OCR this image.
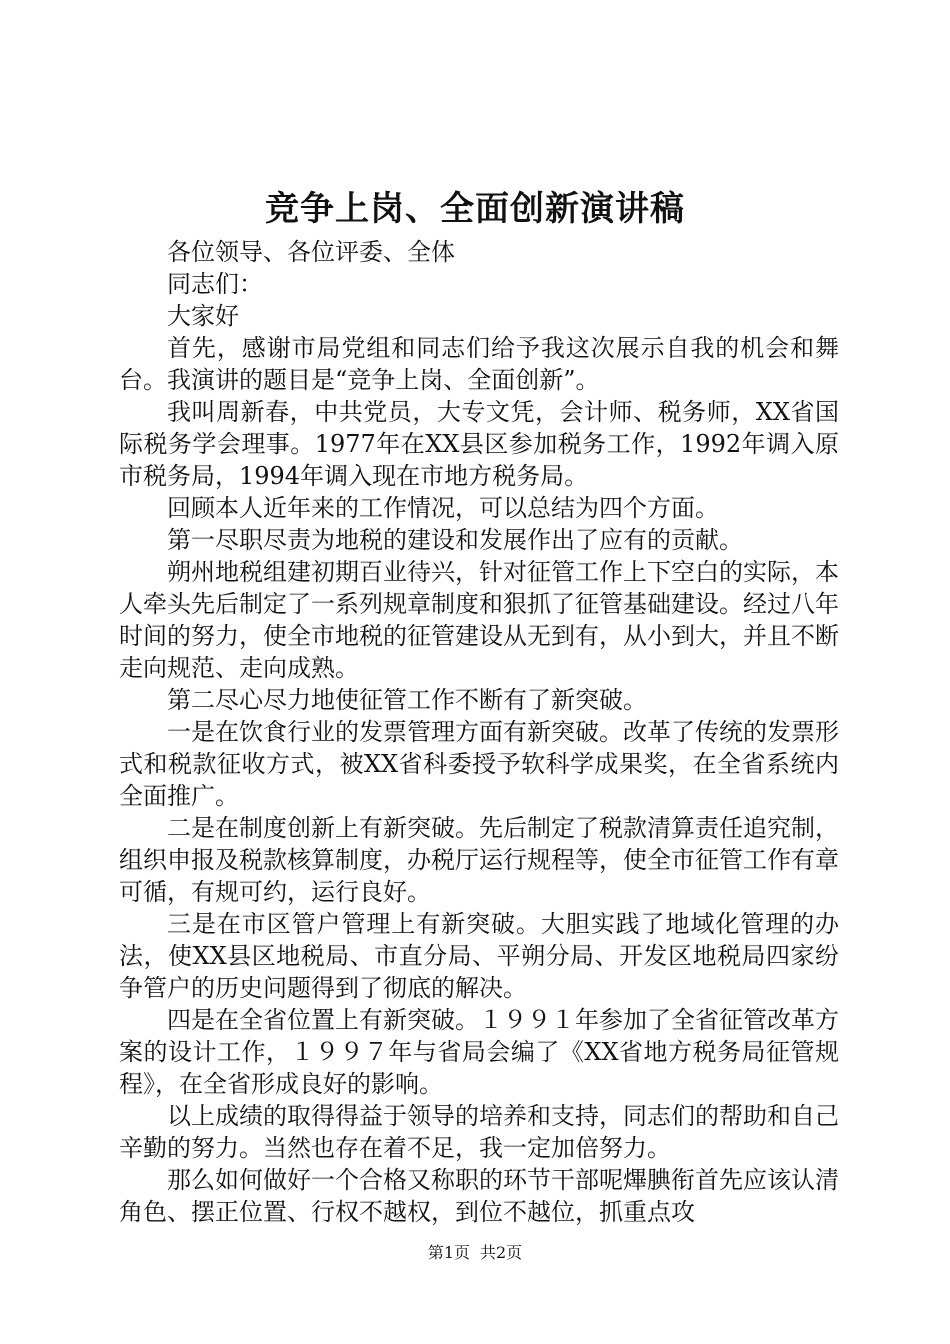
竞争上岗、全面创新演讲稿

各位领导、各位评委、全体

同志们：

大家好

首先，感谢市局党组和同志们给予我这次展示自我的机会和舞台。我演讲的题目是“竞争上岗、全面创新”。

我叫周新春，中共党员，大专文凭，会计师、税务师，XX省国际税务学会理事。1977年在XX县区参加税务工作，1992年调入原市税务局，1994年调入现在市地方税务局。

回顾本人近年来的工作情况，可以总结为四个方面。

第一尽职尽责为地税的建设和发展作出了应有的贡献。

朔州地税组建初期百业待兴，针对征管工作上下空白的实际，本人牵头先后制定了一系列规章制度和狠抓了征管基础建设。经过八年时间的努力，使全市地税的征管建设从无到有，从小到大，并且不断走向规范、走向成熟。

第二尽心尽力地使征管工作不断有了新突破。

一是在饮食行业的发票管理方面有新突破。改革了传统的发票形式和税款征收方式，被XX省科委授予软科学成果奖，在全省系统内全面推广。

二是在制度创新上有新突破。先后制定了税款清算责任追究制，组织申报及税款核算制度，办税厅运行规程等，使全市征管工作有章可循，有规可约，运行良好。

三是在市区管户管理上有新突破。大胆实践了地域化管理的办法，使XX县区地税局、市直分局、平朔分局、开发区地税局四家纷争管户的历史问题得到了彻底的解决。

四是在全省位置上有新突破。１９９１年参加了全省征管改革方案的设计工作，１９９７年与省局会编了《XX省地方税务局征管规程》，在全省形成良好的影响。

以上成绩的取得得益于领导的培养和支持，同志们的帮助和自己辛勤的努力。当然也存在着不足，我一定加倍努力。

那么如何做好一个合格又称职的环节干部呢熚腆衔首先应该认清角色、摆正位置、行权不越权，到位不越位，抓重点攻

第1页 共2页
